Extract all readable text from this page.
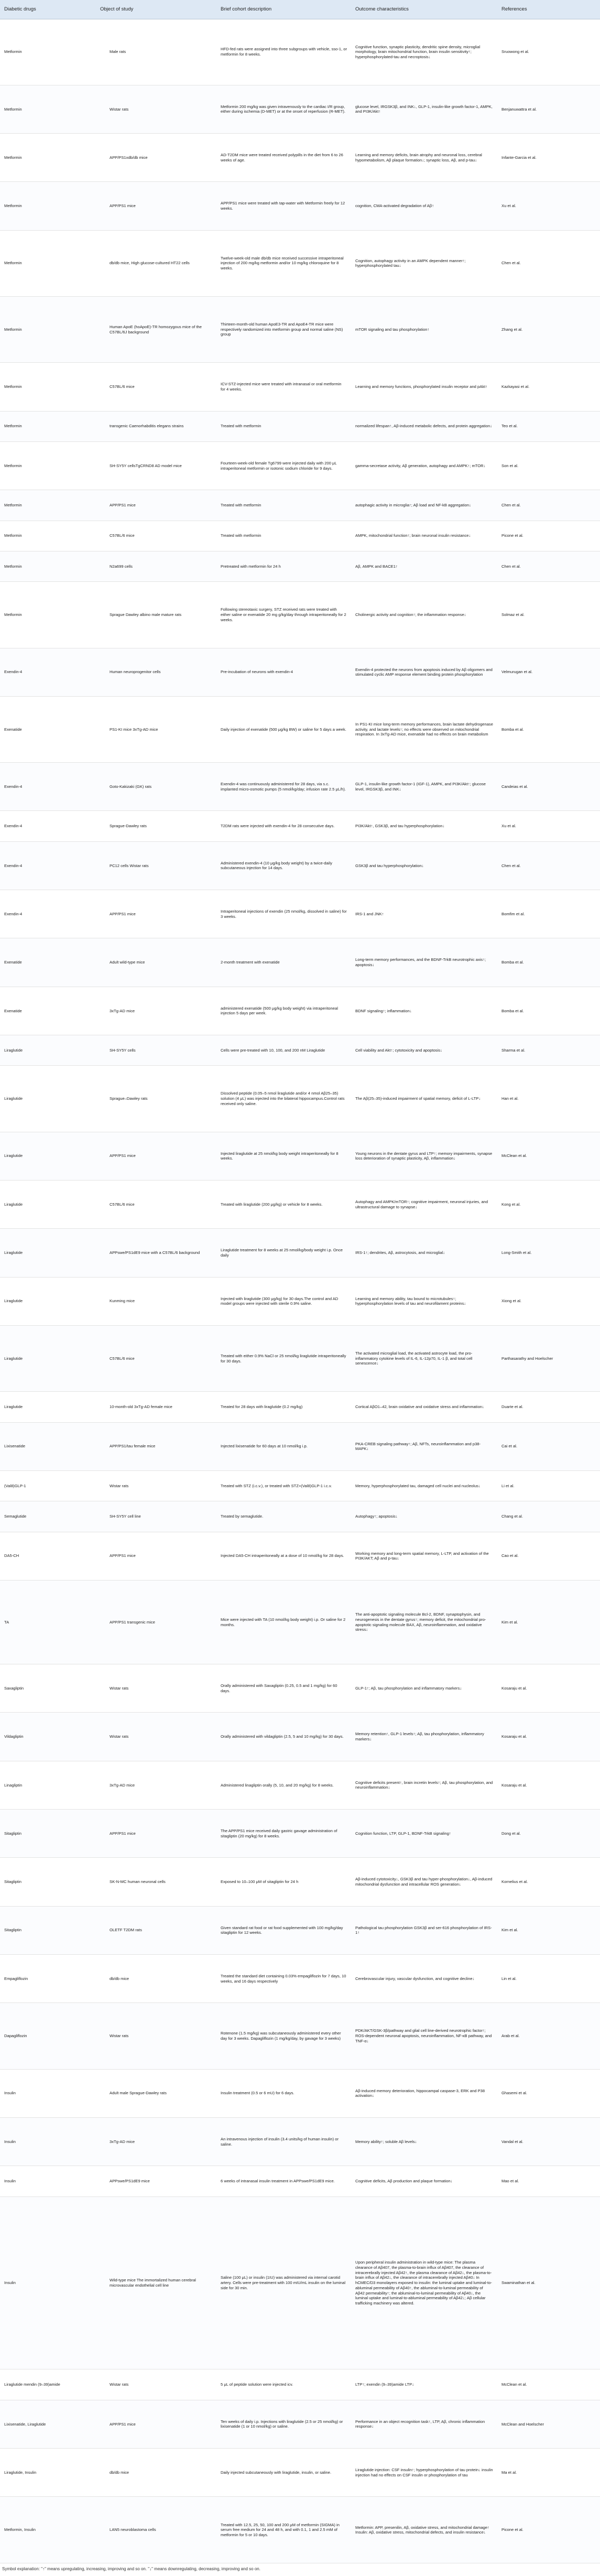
Diabetic drugs	Object of study	Brief cohort description	Outcome characteristics	References
Metformin	Male rats	HFD-fed rats were assigned into three subgroups with vehicle, sso-1, or metformin for 8 weeks.	Cognitive function, synaptic plasticity, dendritic spine density, microglial morphology, brain mitochondrial function, brain insulin sensitivity↑; hyperphosphorylated-tau and necroptosis↓	Sruowong et al.
Metformin	Wistar rats	Metformin 200 mg/kg was given intravenously to the cardiac I/R group, either during ischemia (D-MET) or at the onset of reperfusion (R-MET).	glucose level, IRGSK3β, and INK↓, GLP-1, insulin-like growth factor-1, AMPK, and PI3K/Akt↑	Benjanuwattra et al.
Metformin	APP/PS1xdb/db mice	AD-T2DM mice were treated received polypills in the diet from 6 to 26 weeks of age.	Learning and memory deficits, brain atrophy and neuronal loss, cerebral hypometabolism, Aβ plaque formation↓; synaptic loss, Aβ, and p-tau↓	Infante-Garcia et al.
Metformin	APP/PS1 mice	APP/PS1 mice were treated with tap-water with Metformin freely for 12 weeks.	cognition, CMA-activated degradation of Aβ↑	Xu et al.
Metformin	db/db mice, High glucose-cultured HT22 cells	Twelve-week-old male db/db mice received successive intraperitoneal injection of 200 mg/kg metformin and/or 10 mg/kg chloroquine for 8 weeks.	Cognition, autophagy activity in an AMPK dependent manner↑; hyperphosphorylated tau↓	Chen et al.
Metformin	Human ApoE (hoApoE)-TR homozygous mice of the C57BL/6J background	Thirteen-month-old human ApoE3-TR and ApoE4-TR mice were respectively randomized into metformin group and normal saline (NS) group	mTOR signaling and tau phosphorylation↑	Zhang et al.
Metformin	C57BL/6 mice	ICV-STZ-injected mice were treated with intranasal or oral metformin for 4 weeks.	Learning and memory functions, phosphorylated insulin receptor and pAkt↑	Kazkayasi et al.
Metformin	transgenic Caenorhabditis elegans strains	Treated with metformin	normalized lifespan↑, Aβ-induced metabolic defects, and protein aggregation↓	Teo et al.
Metformin	SH-SY5Y cellsTgCRND8 AD model mice	Fourteen-week-old female Tg6799 were injected daily with 200 μL intraperitoneal metformin or isotonic sodium chloride for 9 days.	gamma-secretase activity, Aβ generation, autophagy and AMPK↑; mTOR↓	Son et al.
Metformin	APP/PS1 mice	Treated with metformin	autophagic activity in microglia↑; Aβ load and NF-kB aggregation↓	Chen et al.
Metformin	C57BL/6 mice	Treated with metformin	AMPK, mitochondrial function↑; brain neuronal insulin resistance↓	Picone et al.
Metformin	N2a699 cells	Pretreated with metformin for 24 h	Aβ, AMPK and BACE1↑	Chen et al.
Metformin	Sprague Dawley albino male mature rats	Following stereotaxic surgery, STZ received rats were treated with either saline or exenatide 20 mg g/kg/day through intraperitoneally for 2 weeks.	Cholinergic activity and cognition↑; the inflammation response↓	Solmaz et al.
Exendin-4	Human neuroprogenitor cells	Pre-incubation of neurons with exendin-4	Exendin-4 protected the neurons from apoptosis induced by Aβ oligomers and stimulated cyclic AMP response element binding protein phosphorylation	Velmurugan et al.
Exenatide	PS1-KI mice 3xTg-AD mice	Daily injection of exenatide (500 μg/kg BW) or saline for 5 days a week.	In PS1-KI mice long-term memory performances, brain lactate dehydrogenase activity, and lactate levels↑; no effects were observed on mitochondrial respiration. In 3xTg-AD mice, exenatide had no effects on brain metabolism	Bomba et al.
Exendin-4	Goto-Kakizaki (GK) rats	Exendin-4 was continuously administered for 28 days, via s.c. implanted micro-osmotic pumps (5 nmol/kg/day; infusion rate 2.5 μL/h).	GLP-1, insulin-like growth factor-1 (IGF-1), AMPK, and PI3K/Akt↑; glucose level, IRGSK3β, and INK↓	Candeias et al.
Exendin-4	Sprague-Dawley rats	T2DM rats were injected with exendin-4 for 28 consecutive days.	PI3K/Akt↑, GSK3β, and tau hyperphosphorylation↓	Xu et al.
Exendin-4	PC12 cells Wistar rats	Administered exendin-4 (10 μg/kg body weight) by a twice-daily subcutaneous injection for 14 days.	GSK3β and tau hyperphosphorylation↓	Chen et al.
Exendin-4	APP/PS1 mice	Intraperitoneal injections of exendin (25 nmol/kg, dissolved in saline) for 3 weeks.	IRS-1 and JNK↑	Bomfim et al.
Exenatide	Adult wild-type mice	2-month treatment with exenatide	Long-term memory performances, and the BDNF-TrkB neurotrophic axis↑; apoptosis↓	Bomba et al.
Exenatide	3xTg-AD mice	administered exenatide (500 μg/kg body weight) via intraperitoneal injection 5 days per week.	BDNF signaling↑; inflammation↓	Bomba et al.
Liraglutide	SH-SY5Y cells	Cells were pre-treated with 10, 100, and 200 nM Liraglutide	Cell viability and Akt↑; cytotoxicity and apoptosis↓	Sharma et al.
Liraglutide	Sprague–Dawley rats	Dissolved peptide (0.05–5 nmol liraglutide and/or 4 nmol Aβ25–35) solution (4 μL) was injected into the bilateral hippocampus.Control rats received only saline.	The Aβ(25–35)-induced impairment of spatial memory, deficit of L-LTP↓	Han et al.
Liraglutide	APP/PS1 mice	Injected liraglutide at 25 nmol/kg body weight intraperitoneally for 8 weeks.	Young neurons in the dentate gyrus and LTP↑; memory impairments, synapse loss deterioration of synaptic plasticity, Aβ, inflammation↓	McClean et al.
Liraglutide	C57BL/6 mice	Treated with liraglutide (200 μg/kg) or vehicle for 8 weeks.	Autophagy and AMPK/mTOR↑; cognitive impairment, neuronal injuries, and ultrastructural damage to synapse↓	Kong et al.
Liraglutide	APPswe/PS1dE9 mice with a C57BL/6 background	Liraglutide treatment for 8 weeks at 25 nmol/kg/body weight i.p. Once daily	IRS-1↑; dendrites, Aβ, astrocytosis, and microglial↓	Long-Smith et al.
Liraglutide	Kunming mice	Injected with liraglutide (300 μg/kg) for 30 days.The control and AD model groups were injected with sterile 0.9% saline.	Learning and memory ability, tau bound to microtubules↑; hyperphosphorylation levels of tau and neurofilament proteins↓	Xiong et al.
Liraglutide	C57BL/6 mice	Treated with either 0.9% NaCl or 25 nmol/kg liraglutide intraperitoneally for 30 days.	The activated microglial load, the activated astrocyte load, the pro-inflammatory cytokine levels of IL-6, IL-12p70, IL-1 β, and total cell senescence↓	Parthasarathy and Hoelscher
Liraglutide	10-month-old 3xTg-AD female mice	Treated for 28 days with liraglutide (0.2 mg/kg)	Cortical AβO1–42, brain oxidative and oxidative stress and inflammation↓	Duarte et al.
Lixisenatide	APP/PS1/tau female mice	Injected lixisenatide for 60 days at 10 nmol/kg i.p.	PKA-CREB signaling pathway↑; Aβ, NFTs, neuroinflammation and p38-MAPK↓	Cai et al.
(Val8)GLP-1	Wistar rats	Treated with STZ (i.c.v.), or treated with STZ+(Val8)GLP-1 i.c.v.	Memory, hyperphosphorylated tau, damaged cell nuclei and nucleolus↓	Li et al.
Semaglutide	SH-SY5Y cell line	Treated by semaglutide.	Autophagy↑; apoptosis↓	Chang et al.
DA5-CH	APP/PS1 mice	Injected DA5-CH intraperitoneally at a dose of 10 nmol/kg for 28 days.	Working memory and long-term spatial memory, L-LTP, and activation of the PI3K/AKT; Aβ and p-tau↓	Cao et al.
TA	APP/PS1 transgenic mice	Mice were injected with TA (10 nmol/kg body weight) i.p. Or saline for 2 months.	The anti-apoptotic signaling molecule Bcl-2, BDNF, synaptophysin, and neurogenesis in the dentate gyrus↑; memory deficit, the mitochondrial pro-apoptotic signaling molecule BAX, Aβ, neuroinflammation, and oxidative stress↓	Kim et al.
Saxagliptin	Wistar rats	Orally administered with Saxagliptin (0.25, 0.5 and 1 mg/kg) for 60 days.	GLP-1↑; Aβ, tau phosphorylation and inflammatory markers↓	Kosaraju et al.
Vildagliptin	Wistar rats	Orally administered with vildagliptin (2.5, 5 and 10 mg/kg) for 30 days.	Memory retention↑, GLP-1 levels↑; Aβ, tau phosphorylation, inflammatory markers↓	Kosaraju et al.
Linagliptin	3xTg-AD mice	Administered linagliptin orally (5, 10, and 20 mg/kg) for 8 weeks.	Cognitive deficits present↑, brain incretin levels↑; Aβ, tau phosphorylation, and neuroinflammation↓	Kosaraju et al.
Sitagliptin	APP/PS1 mice	The APP/PS1 mice received daily gastric gavage administration of sitagliptin (20 mg/kg) for 8 weeks.	Cognition function, LTP, GLP-1, BDNF-TrkB signaling↑	Dong et al.
Sitagliptin	SK-N-MC human neuronal cells	Exposed to 10–100 μM of sitagliptin for 24 h	Aβ-induced cytotoxicity↓, GSK3β and tau hyper-phosphorylation↓, Aβ-induced mitochondrial dysfunction and intracellular ROS generation↓	Kornelius et al.
Sitagliptin	OLETF T2DM rats	Given standard rat food or rat food supplemented with 100 mg/kg/day sitagliptin for 12 weeks.	Pathological tau phosphorylation GSK3β and ser-616 phosphorylation of IRS-1↑	Kim et al.
Empagliflozin	db/db mice	Treated the standard diet containing 0.03% empagliflozin for 7 days, 10 weeks, and 16 days respectively	Cerebrovascular injury, vascular dysfunction, and cognitive decline↓	Lin et al.
Dapagliflozin	Wistar rats	Rotenone (1.5 mg/kg) was subcutaneously administered every other day for 3 weeks. Dapagliflozin (1 mg/kg/day, by gavage for 3 weeks)	PDK/AKT/GSK-3β/pathway and glial cell line-derived neurotrophic factor↑; ROS-dependent neuronal apoptosis, neuroinflammation, NF-κB pathway, and TNF-α↓	Arab et al.
Insulin	Adult male Sprague-Dawley rats	Insulin treatment (0.5 or 6 mU) for 6 days.	Aβ-induced memory deterioration, hippocampal caspase-3, ERK and P38 activation↓	Ghasemi et al.
Insulin	3xTg-AD mice	An intravenous injection of insulin (3.4 units/kg of human insulin) or saline.	Memory ability↑; soluble Aβ levels↓	Vandal et al.
Insulin	APPswe/PS1dE9 mice	6 weeks of intranasal insulin treatment in APPswe/PS1dE9 mice.	Cognitive deficits, Aβ production and plaque formation↓	Mao et al.
Insulin	Wild-type mice The immortalized human cerebral microvascular endothelial cell line	Saline (100 μL) or insulin (1IU) was administered via internal carotid artery. Cells were pre-treatment with 100 mIU/mL insulin on the luminal side for 30 min.	Upon peripheral insulin administration in wild-type mice: The plasma clearance of Aβ407, the plasma-to-brain influx of Aβ407, the clearance of intracerebrally injected Aβ42↑, the plasma clearance of Aβ42↓, the plasma-to-brain influx of Aβ42↓, the clearance of intracerebrally injected Aβ40↓ In hCMEC/D3 monolayers exposed to insulin: the luminal uptake and luminal-to-abluminal permeability of Aβ40↑, the abluminal-to-luminal permeability of Aβ42 permeability↑; the abluminal-to-luminal permeability of Aβ40↓, the luminal uptake and luminal-to-abluminal permeability of Aβ42↓; Aβ cellular trafficking machinery was altered.	Swaminathan et al.
Liraglutide mendin (9–39)amide	Wistar rats	5 μL of peptide solution were injected icv.	LTP↑; exendin (9–39)amide LTP↓	McClean et al.
Lixisenatide, Liraglutide	APP/PS1 mice	Ten weeks of daily i.p. Injections with liraglutide (2.5 or 25 nmol/kg) or lixisenatide (1 or 10 nmol/kg) or saline.	Performance in an object recognition task↑, LTP, Aβ, chronic inflammation response↓	McClean and Hoelscher
Liraglutide, Insulin	db/db mice	Daily injected subcutaneously with liraglutide, insulin, or saline.	Liraglutide injection: CSF insulin↑; hyperphosphorylation of tau protein↓ insulin injection had no effects on CSF insulin or phosphorylation of tau	Ma et al.
Metformin, Insulin	LAN5 neuroblastoma cells	Treated with 12.5, 25, 50, 100 and 200 μM of metformin (SIGMA) in serum free medium for 24 and 48 h, and with 0.1, 1 and 2.5 mM of metformin for 5 or 10 days.	Metformin: APP, presenilin, Aβ, oxidative stress, and mitochondrial damage↑ Insulin: Aβ, oxidative stress, mitochondrial defects, and insulin resistance↓	Picone et al.
Symbol explanation: "↑" means upregulating, increasing, improving and so on. "↓" means downregulating, decreasing, improving and so on.
